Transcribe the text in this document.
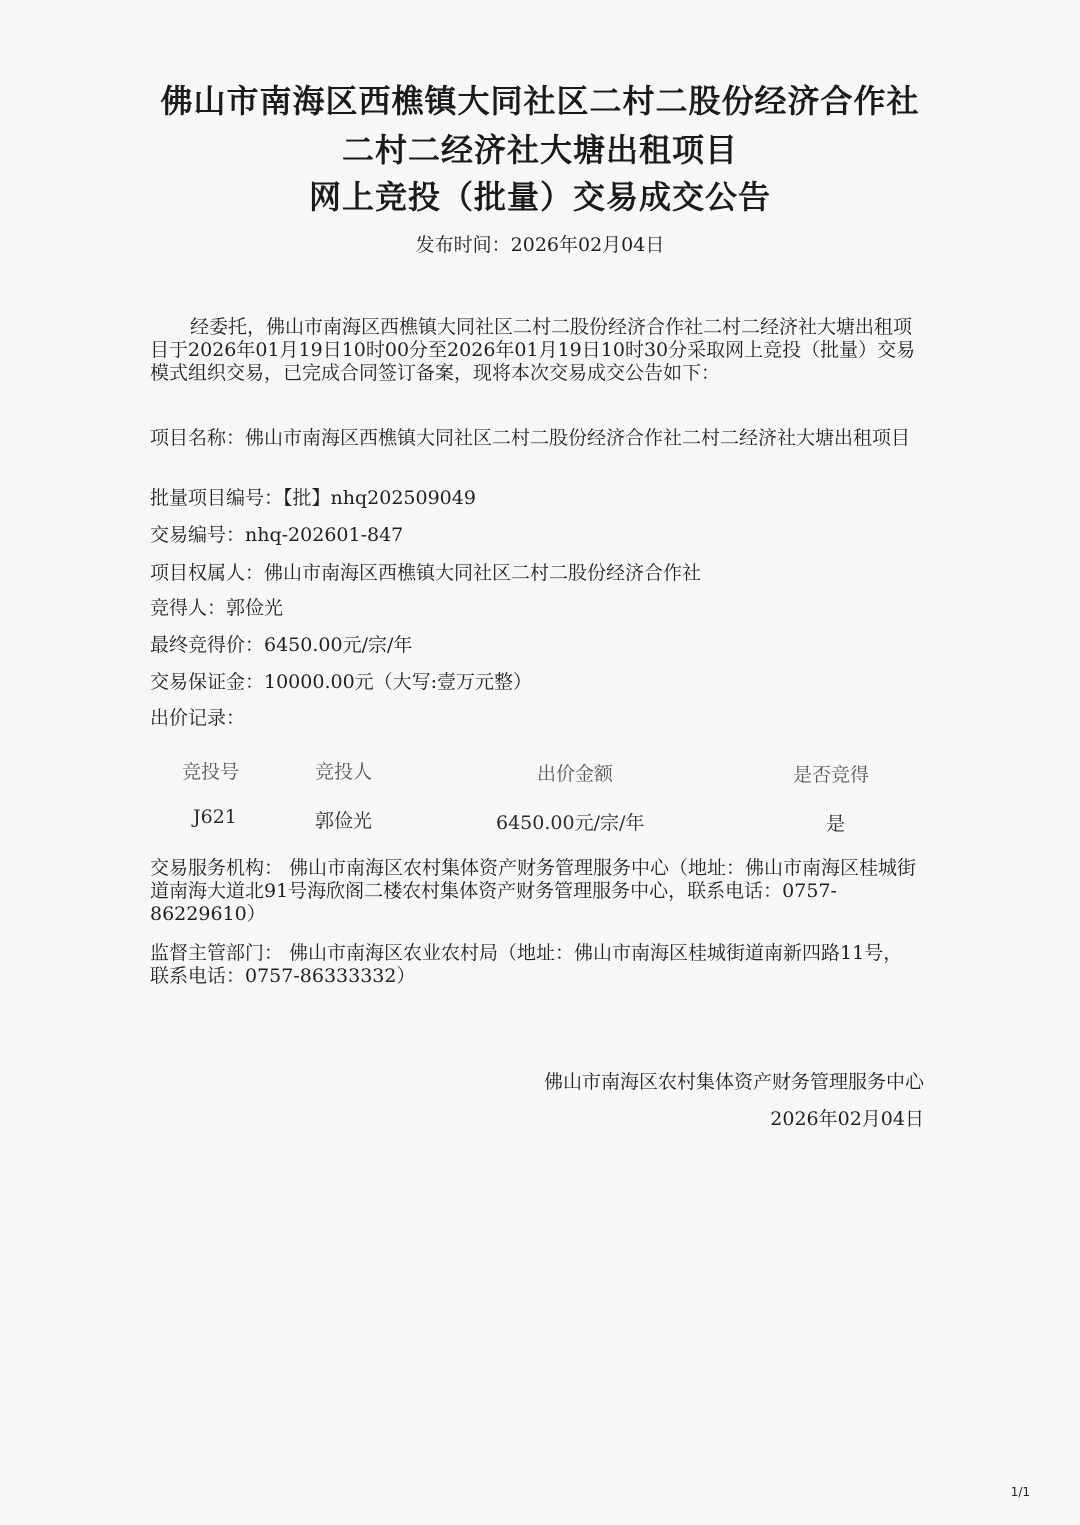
佛山市南海区西樵镇大同社区二村二股份经济合作社
二村二经济社大塘出租项目
网上竞投（批量）交易成交公告
发布时间：2026年02月04日
经委托，佛山市南海区西樵镇大同社区二村二股份经济合作社二村二经济社大塘出租项目于2026年01月19日10时00分至2026年01月19日10时30分采取网上竞投（批量）交易模式组织交易，已完成合同签订备案，现将本次交易成交公告如下：
项目名称：佛山市南海区西樵镇大同社区二村二股份经济合作社二村二经济社大塘出租项目
批量项目编号：【批】nhq202509049
交易编号：nhq-202601-847
项目权属人：佛山市南海区西樵镇大同社区二村二股份经济合作社
竞得人：郭俭光
最终竞得价：6450.00元/宗/年
交易保证金：10000.00元（大写:壹万元整）
出价记录：
竞投号	竞投人	出价金额	是否竞得
J621	郭俭光	6450.00元/宗/年	是
交易服务机构： 佛山市南海区农村集体资产财务管理服务中心（地址：佛山市南海区桂城街道南海大道北91号海欣阁二楼农村集体资产财务管理服务中心，联系电话：0757-86229610）
监督主管部门： 佛山市南海区农业农村局（地址：佛山市南海区桂城街道南新四路11号，联系电话：0757-86333332）
佛山市南海区农村集体资产财务管理服务中心
2026年02月04日
1/1
